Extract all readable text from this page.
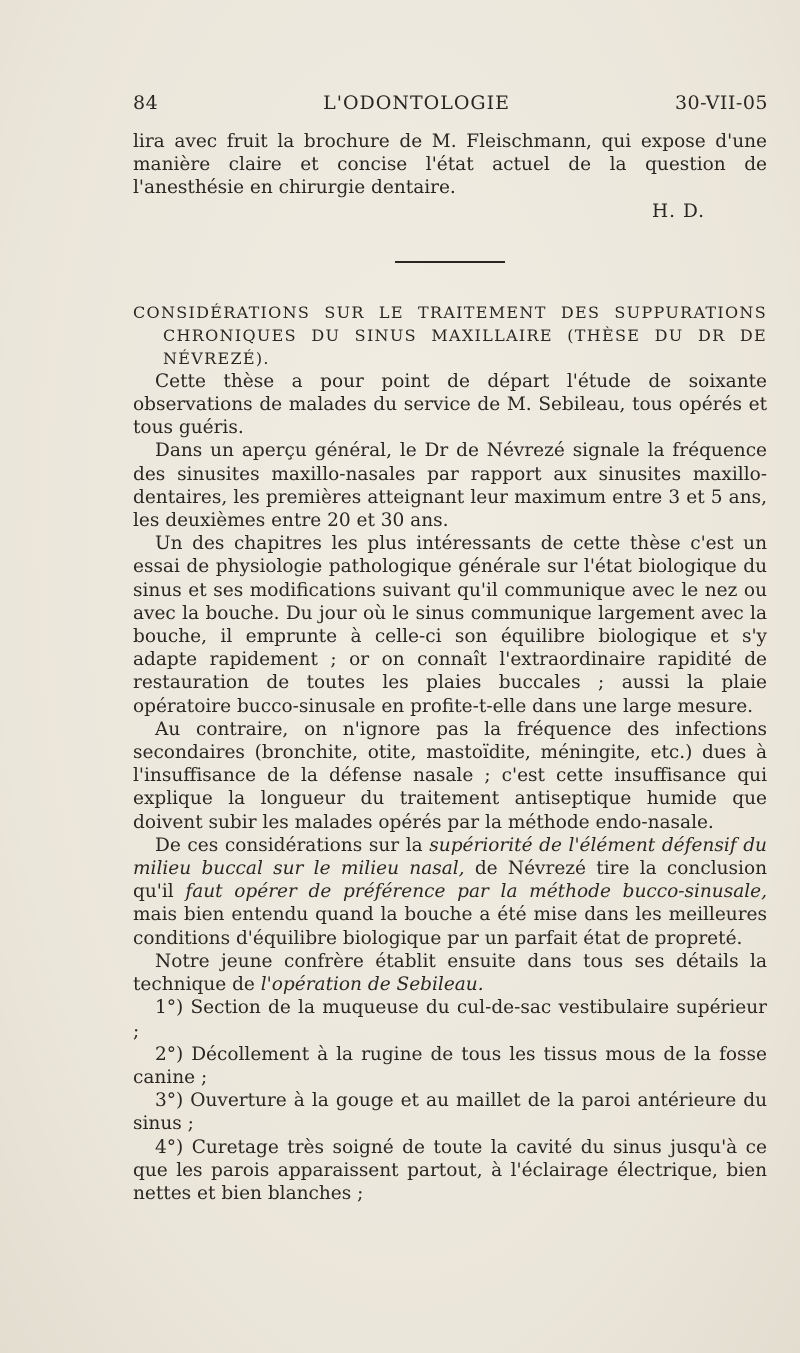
84	L'ODONTOLOGIE	30-VII-05

lira avec fruit la brochure de M. Fleischmann, qui expose d'une manière claire et concise l'état actuel de la question de l'anesthésie en chirurgie dentaire.

H. D.

CONSIDÉRATIONS SUR LE TRAITEMENT DES SUPPURATIONS CHRONIQUES DU SINUS MAXILLAIRE (THÈSE DU DR DE NÉVREZÉ).

Cette thèse a pour point de départ l'étude de soixante observations de malades du service de M. Sebileau, tous opérés et tous guéris.

Dans un aperçu général, le Dr de Névrezé signale la fréquence des sinusites maxillo-nasales par rapport aux sinusites maxillo-dentaires, les premières atteignant leur maximum entre 3 et 5 ans, les deuxièmes entre 20 et 30 ans.

Un des chapitres les plus intéressants de cette thèse c'est un essai de physiologie pathologique générale sur l'état biologique du sinus et ses modifications suivant qu'il communique avec le nez ou avec la bouche. Du jour où le sinus communique largement avec la bouche, il emprunte à celle-ci son équilibre biologique et s'y adapte rapidement ; or on connaît l'extraordinaire rapidité de restauration de toutes les plaies buccales ; aussi la plaie opératoire bucco-sinusale en profite-t-elle dans une large mesure.

Au contraire, on n'ignore pas la fréquence des infections secondaires (bronchite, otite, mastoïdite, méningite, etc.) dues à l'insuffisance de la défense nasale ; c'est cette insuffisance qui explique la longueur du traitement antiseptique humide que doivent subir les malades opérés par la méthode endo-nasale.

De ces considérations sur la supériorité de l'élément défensif du milieu buccal sur le milieu nasal, de Névrezé tire la conclusion qu'il faut opérer de préférence par la méthode bucco-sinusale, mais bien entendu quand la bouche a été mise dans les meilleures conditions d'équilibre biologique par un parfait état de propreté.

Notre jeune confrère établit ensuite dans tous ses détails la technique de l'opération de Sebileau.

1°) Section de la muqueuse du cul-de-sac vestibulaire supérieur ;

2°) Décollement à la rugine de tous les tissus mous de la fosse canine ;

3°) Ouverture à la gouge et au maillet de la paroi antérieure du sinus ;

4°) Curetage très soigné de toute la cavité du sinus jusqu'à ce que les parois apparaissent partout, à l'éclairage électrique, bien nettes et bien blanches ;
